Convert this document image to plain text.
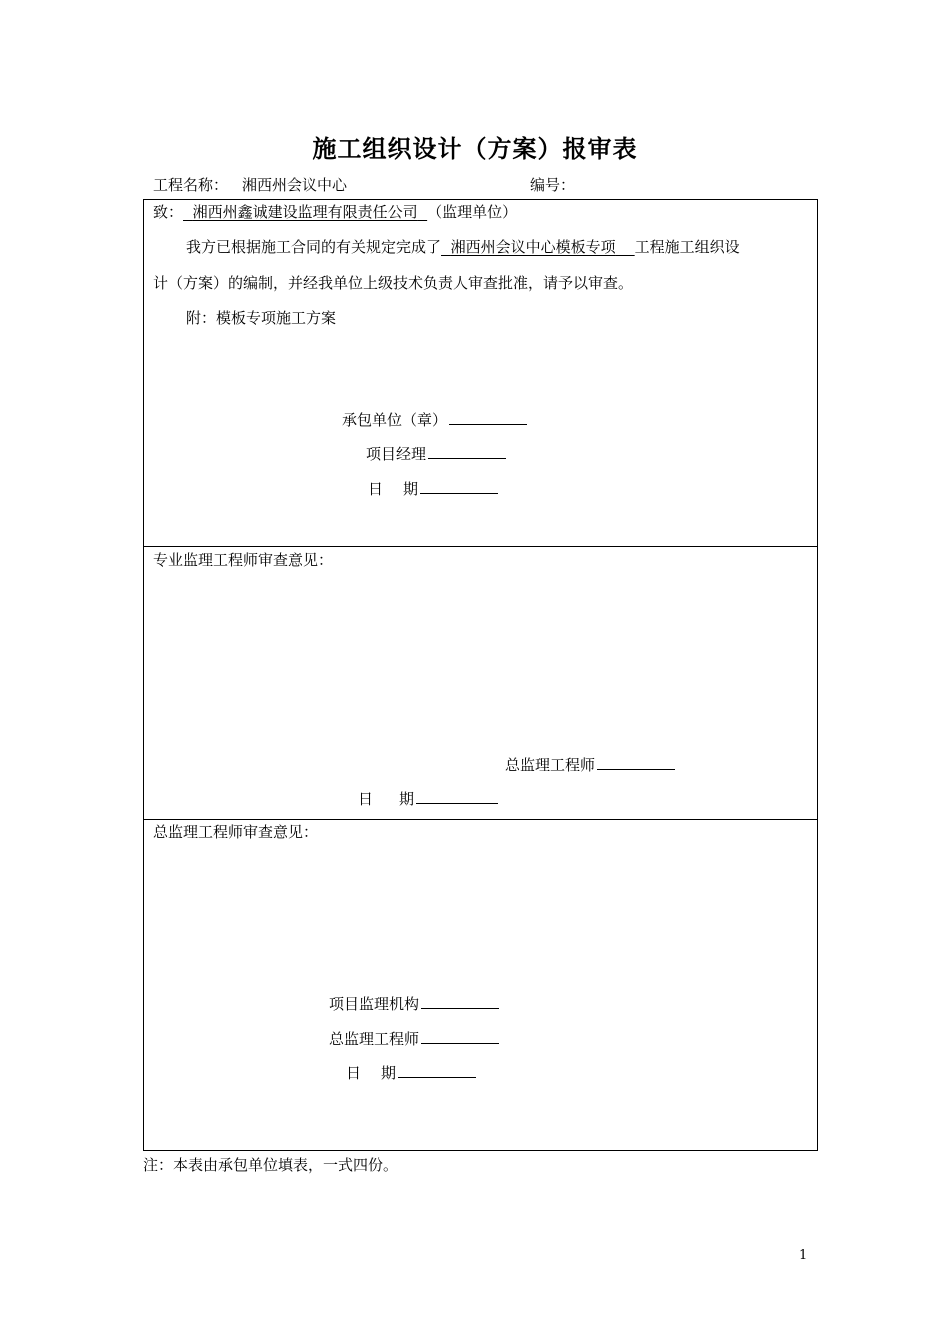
施工组织设计（方案）报审表
工程名称： 湘西州会议中心	编号：
致： 湘西州鑫诚建设监理有限责任公司 （监理单位）
我方已根据施工合同的有关规定完成了 湘西州会议中心模板专项 工程施工组织设
计（方案）的编制，并经我单位上级技术负责人审查批准，请予以审查。
附：模板专项施工方案
承包单位（章）
项目经理
日 期
专业监理工程师审查意见：
总监理工程师
日 期
总监理工程师审查意见：
项目监理机构
总监理工程师
日 期
注：本表由承包单位填表，一式四份。
1
